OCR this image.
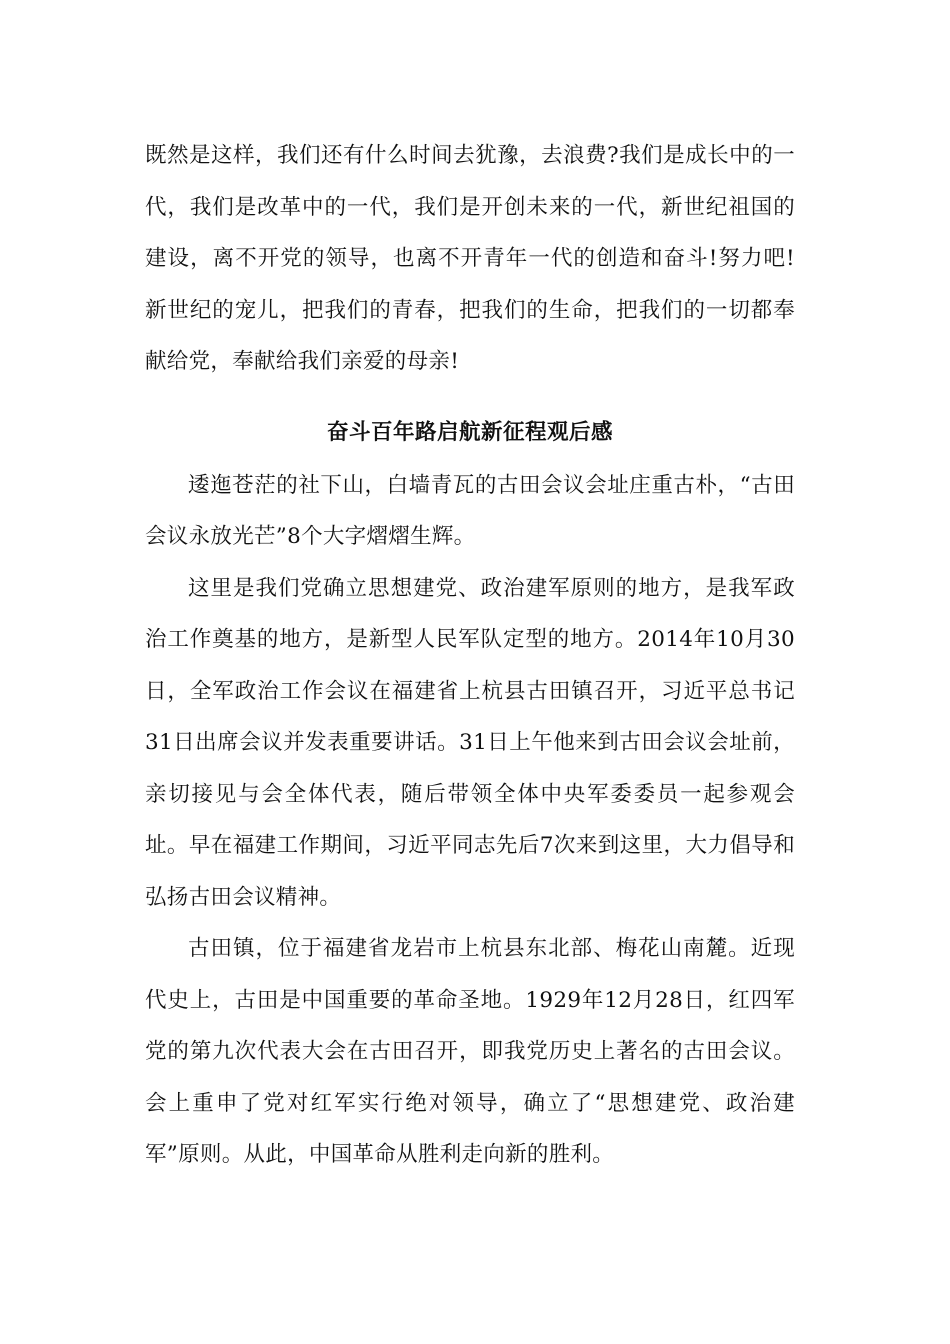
既然是这样，我们还有什么时间去犹豫，去浪费?我们是成长中的一代，我们是改革中的一代，我们是开创未来的一代，新世纪祖国的建设，离不开党的领导，也离不开青年一代的创造和奋斗!努力吧!新世纪的宠儿，把我们的青春，把我们的生命，把我们的一切都奉献给党，奉献给我们亲爱的母亲!

奋斗百年路启航新征程观后感

逶迤苍茫的社下山，白墙青瓦的古田会议会址庄重古朴，“古田会议永放光芒”8个大字熠熠生辉。

这里是我们党确立思想建党、政治建军原则的地方，是我军政治工作奠基的地方，是新型人民军队定型的地方。2014年10月30日，全军政治工作会议在福建省上杭县古田镇召开，习近平总书记31日出席会议并发表重要讲话。31日上午他来到古田会议会址前，亲切接见与会全体代表，随后带领全体中央军委委员一起参观会址。早在福建工作期间，习近平同志先后7次来到这里，大力倡导和弘扬古田会议精神。

古田镇，位于福建省龙岩市上杭县东北部、梅花山南麓。近现代史上，古田是中国重要的革命圣地。1929年12月28日，红四军党的第九次代表大会在古田召开，即我党历史上著名的古田会议。会上重申了党对红军实行绝对领导，确立了“思想建党、政治建军”原则。从此，中国革命从胜利走向新的胜利。
